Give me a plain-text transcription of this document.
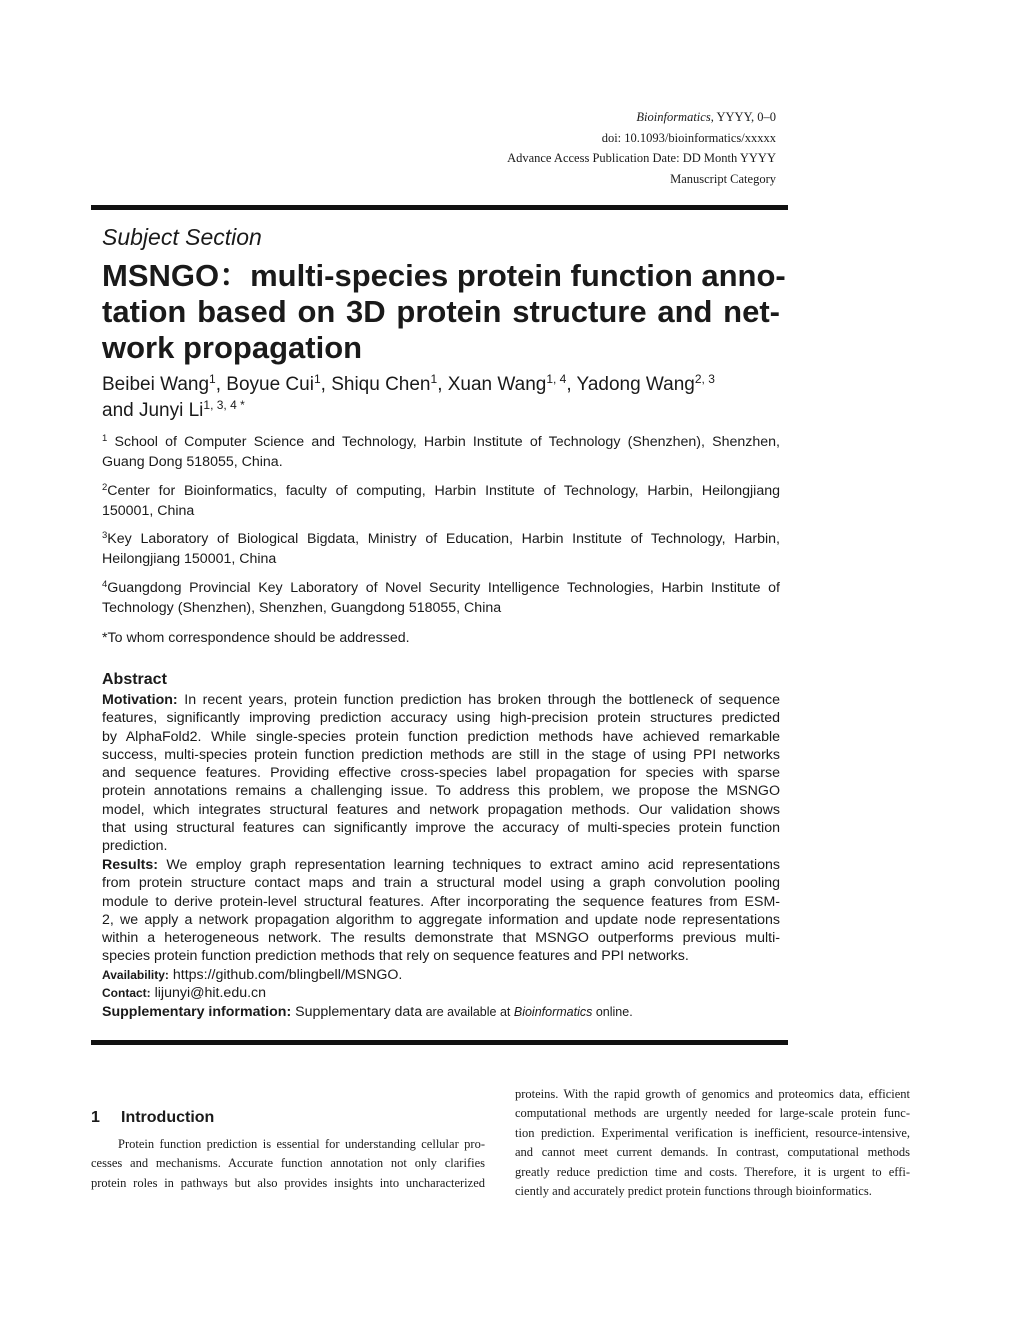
Bioinformatics, YYYY, 0–0
doi: 10.1093/bioinformatics/xxxxx
Advance Access Publication Date: DD Month YYYY
Manuscript Category
Subject Section
MSNGO：multi-species protein function anno-
tation based on 3D protein structure and net-
work propagation
Beibei Wang$^1$, Boyue Cui$^1$, Shiqu Chen$^1$, Xuan Wang$^{1, 4}$, Yadong Wang$^{2, 3}$
and Junyi $Li^{1, 3, 4 *}$
$^1$ School of Computer Science and Technology, Harbin Institute of Technology (Shenzhen), Shenzhen,
Guang Dong 518055, China.
$^2$Center for Bioinformatics, faculty of computing, Harbin Institute of Technology, Harbin, Heilongjiang
150001, China
$^3$Key Laboratory of Biological Bigdata, Ministry of Education, Harbin Institute of Technology, Harbin,
Heilongjiang 150001, China
$^4$Guangdong Provincial Key Laboratory of Novel Security Intelligence Technologies, Harbin Institute of
Technology (Shenzhen), Shenzhen, Guangdong 518055, China
*To whom correspondence should be addressed.
Abstract
Motivation: In recent years, protein function prediction has broken through the bottleneck of sequence
features, significantly improving prediction accuracy using high-precision protein structures predicted
by AlphaFold2. While single-species protein function prediction methods have achieved remarkable
success, multi-species protein function prediction methods are still in the stage of using PPI networks
and sequence features. Providing effective cross-species label propagation for species with sparse
protein annotations remains a challenging issue. To address this problem, we propose the MSNGO
model, which integrates structural features and network propagation methods. Our validation shows
that using structural features can significantly improve the accuracy of multi-species protein function
prediction.
Results: We employ graph representation learning techniques to extract amino acid representations
from protein structure contact maps and train a structural model using a graph convolution pooling
module to derive protein-level structural features. After incorporating the sequence features from ESM-
2, we apply a network propagation algorithm to aggregate information and update node representations
within a heterogeneous network. The results demonstrate that MSNGO outperforms previous multi-
species protein function prediction methods that rely on sequence features and PPI networks.
Availability: https://github.com/blingbell/MSNGO.
Contact: lijunyi@hit.edu.cn
Supplementary information: Supplementary data are available at Bioinformatics online.
1 Introduction
Protein function prediction is essential for understanding cellular pro-
cesses and mechanisms. Accurate function annotation not only clarifies
protein roles in pathways but also provides insights into uncharacterized
proteins. With the rapid growth of genomics and proteomics data, efficient
computational methods are urgently needed for large-scale protein func-
tion prediction. Experimental verification is inefficient, resource-intensive,
and cannot meet current demands. In contrast, computational methods
greatly reduce prediction time and costs. Therefore, it is urgent to effi-
ciently and accurately predict protein functions through bioinformatics.
